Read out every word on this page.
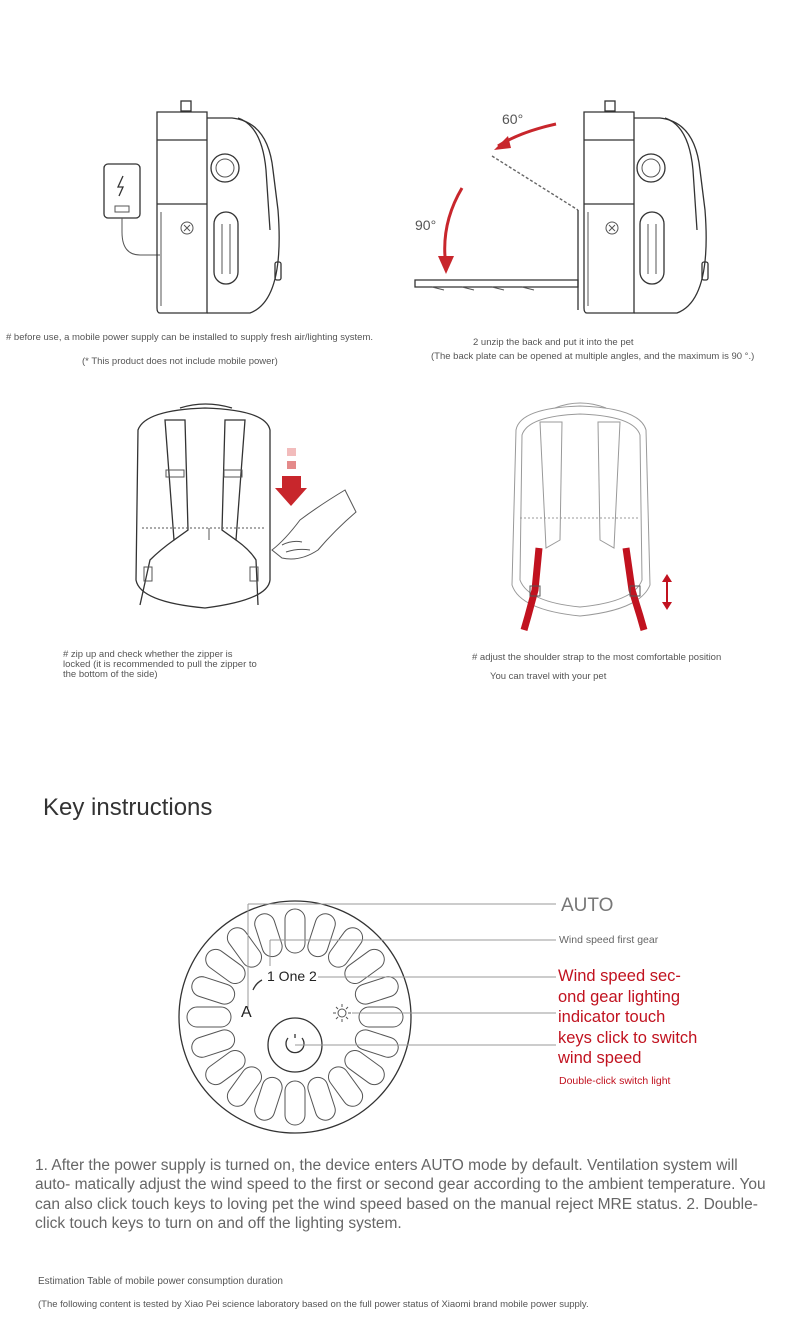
# before use, a mobile power supply can be installed to supply fresh air/lighting system.
(* This product does not include mobile power)
60°
90°
2 unzip the back and put it into the pet
(The back plate can be opened at multiple angles, and the maximum is 90 °.)
# zip up and check whether the zipper is locked (it is recommended to pull the zipper to the bottom of the side)
# adjust the shoulder strap to the most comfortable position
You can travel with your pet
Key instructions
1 One 2
A
AUTO
Wind speed first gear
Wind speed sec- ond gear lighting indicator touch keys click to switch wind speed
Double-click switch light
1. After the power supply is turned on, the device enters AUTO mode by default. Ventilation system will auto- matically adjust the wind speed to the first or second gear according to the ambient temperature. You can also click touch keys to loving pet the wind speed based on the manual reject MRE status. 2. Double-click touch keys to turn on and off the lighting system.
Estimation Table of mobile power consumption duration
(The following content is tested by Xiao Pei science laboratory based on the full power status of Xiaomi brand mobile power supply.
